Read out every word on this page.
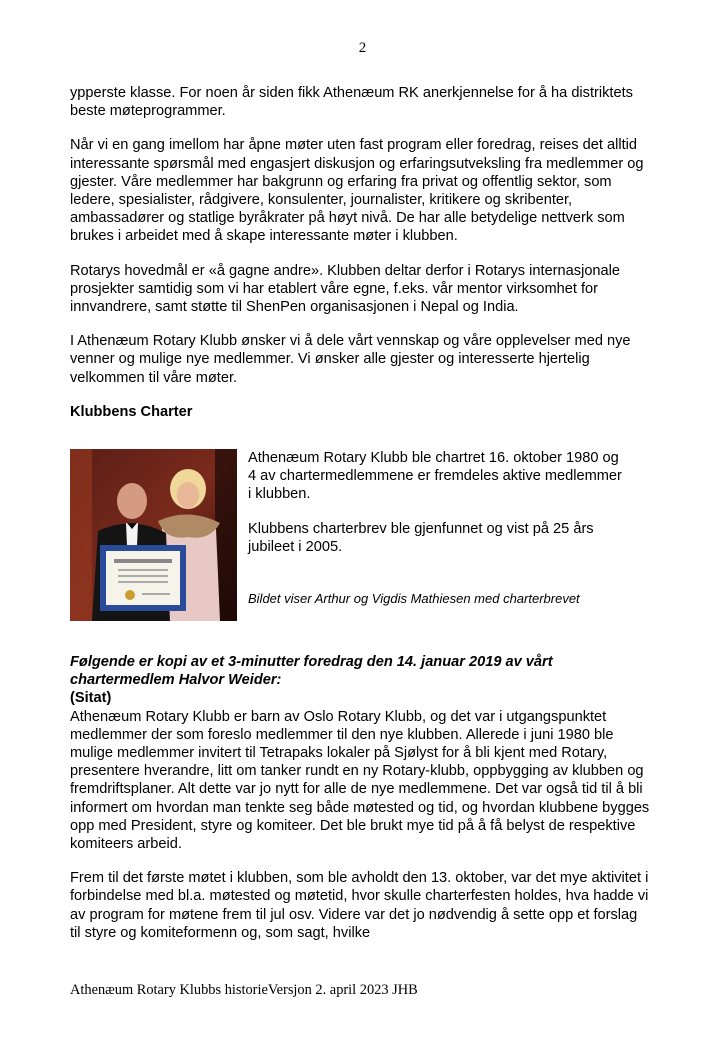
2

ypperste klasse. For noen år siden fikk Athenæum RK anerkjennelse for å ha distriktets beste møteprogrammer.

Når vi en gang imellom har åpne møter uten fast program eller foredrag, reises det alltid interessante spørsmål med engasjert diskusjon og erfaringsutveksling fra medlemmer og gjester. Våre medlemmer har bakgrunn og erfaring fra privat og offentlig sektor, som ledere, spesialister, rådgivere, konsulenter, journalister, kritikere og skribenter, ambassadører og statlige byråkrater på høyt nivå. De har alle betydelige nettverk som brukes i arbeidet med å skape interessante møter i klubben.

Rotarys hovedmål er «å gagne andre». Klubben deltar derfor i Rotarys internasjonale prosjekter samtidig som vi har etablert våre egne, f.eks. vår mentor virksomhet for innvandrere, samt støtte til ShenPen organisasjonen i Nepal og India.

I Athenæum Rotary Klubb ønsker vi å dele vårt vennskap og våre opplevelser med nye venner og mulige nye medlemmer. Vi ønsker alle gjester og interesserte hjertelig velkommen til våre møter.

Klubbens Charter

Athenæum Rotary Klubb ble chartret 16. oktober 1980 og 4 av chartermedlemmene er fremdeles aktive medlemmer i klubben.

Klubbens charterbrev ble gjenfunnet og vist på 25 års jubileet i 2005.

Bildet viser Arthur og Vigdis Mathiesen med charterbrevet

Følgende er kopi av et 3-minutter foredrag den 14. januar 2019 av vårt chartermedlem Halvor Weider:

(Sitat)

Athenæum Rotary Klubb er barn av Oslo Rotary Klubb, og det var i utgangspunktet medlemmer der som foreslo medlemmer til den nye klubben. Allerede i juni 1980 ble mulige medlemmer invitert til Tetrapaks lokaler på Sjølyst for å bli kjent med Rotary, presentere hverandre, litt om tanker rundt en ny Rotary-klubb, oppbygging av klubben og fremdriftsplaner. Alt dette var jo nytt for alle de nye medlemmene. Det var også tid til å bli informert om hvordan man tenkte seg både møtested og tid, og hvordan klubbene bygges opp med President, styre og komiteer. Det ble brukt mye tid på å få belyst de respektive komiteers arbeid.

Frem til det første møtet i klubben, som ble avholdt den 13. oktober, var det mye aktivitet i forbindelse med bl.a. møtested og møtetid, hvor skulle charterfesten holdes, hva hadde vi av program for møtene frem til jul osv. Videre var det jo nødvendig å sette opp et forslag til styre og komiteformenn og, som sagt, hvilke

Athenæum Rotary Klubbs historieVersjon 2. april 2023 JHB
